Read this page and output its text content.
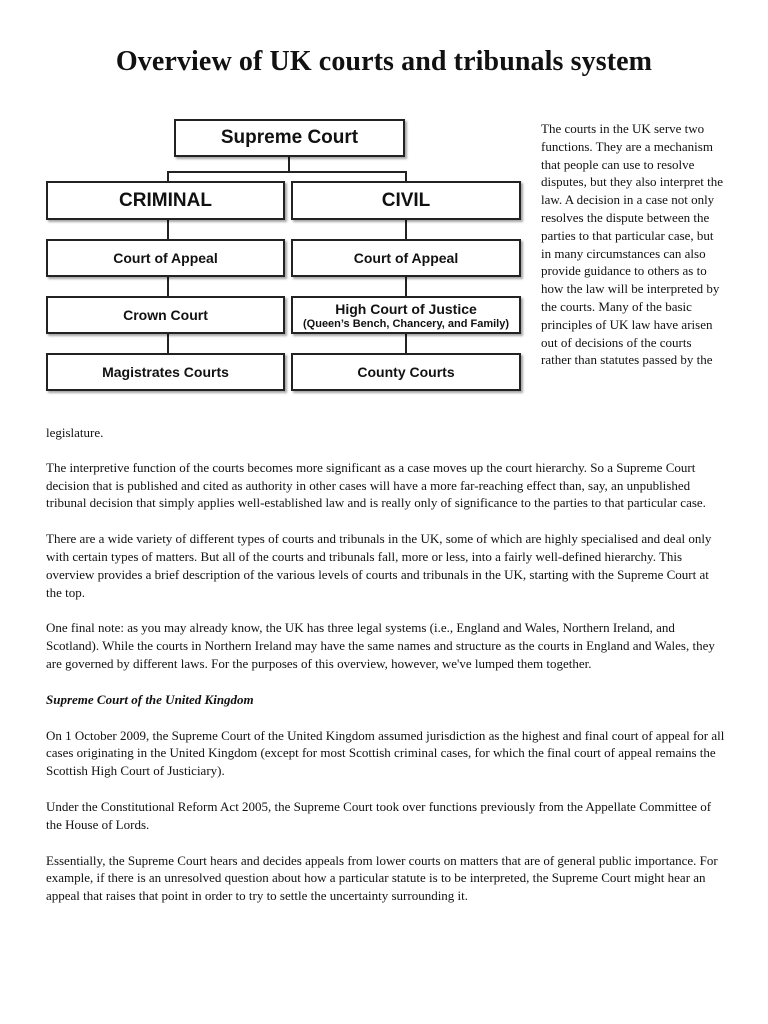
Overview of UK courts and tribunals system
Supreme Court
CRIMINAL	CIVIL
Court of Appeal	Court of Appeal
Crown Court	High Court of Justice
(Queen’s Bench, Chancery, and Family)
Magistrates Courts	County Courts

The courts in the UK serve two functions. They are a mechanism that people can use to resolve disputes, but they also interpret the law. A decision in a case not only resolves the dispute between the parties to that particular case, but in many circumstances can also provide guidance to others as to how the law will be interpreted by the courts. Many of the basic principles of UK law have arisen out of decisions of the courts rather than statutes passed by the

legislature.

The interpretive function of the courts becomes more significant as a case moves up the court hierarchy. So a Supreme Court decision that is published and cited as authority in other cases will have a more far-reaching effect than, say, an unpublished tribunal decision that simply applies well-established law and is really only of significance to the parties to that particular case.

There are a wide variety of different types of courts and tribunals in the UK, some of which are highly specialised and deal only with certain types of matters. But all of the courts and tribunals fall, more or less, into a fairly well-defined hierarchy. This overview provides a brief description of the various levels of courts and tribunals in the UK, starting with the Supreme Court at the top.

One final note: as you may already know, the UK has three legal systems (i.e., England and Wales, Northern Ireland, and Scotland). While the courts in Northern Ireland may have the same names and structure as the courts in England and Wales, they are governed by different laws. For the purposes of this overview, however, we've lumped them together.

Supreme Court of the United Kingdom

On 1 October 2009, the Supreme Court of the United Kingdom assumed jurisdiction as the highest and final court of appeal for all cases originating in the United Kingdom (except for most Scottish criminal cases, for which the final court of appeal remains the Scottish High Court of Justiciary).

Under the Constitutional Reform Act 2005, the Supreme Court took over functions previously from the Appellate Committee of the House of Lords.

Essentially, the Supreme Court hears and decides appeals from lower courts on matters that are of general public importance. For example, if there is an unresolved question about how a particular statute is to be interpreted, the Supreme Court might hear an appeal that raises that point in order to try to settle the uncertainty surrounding it.
